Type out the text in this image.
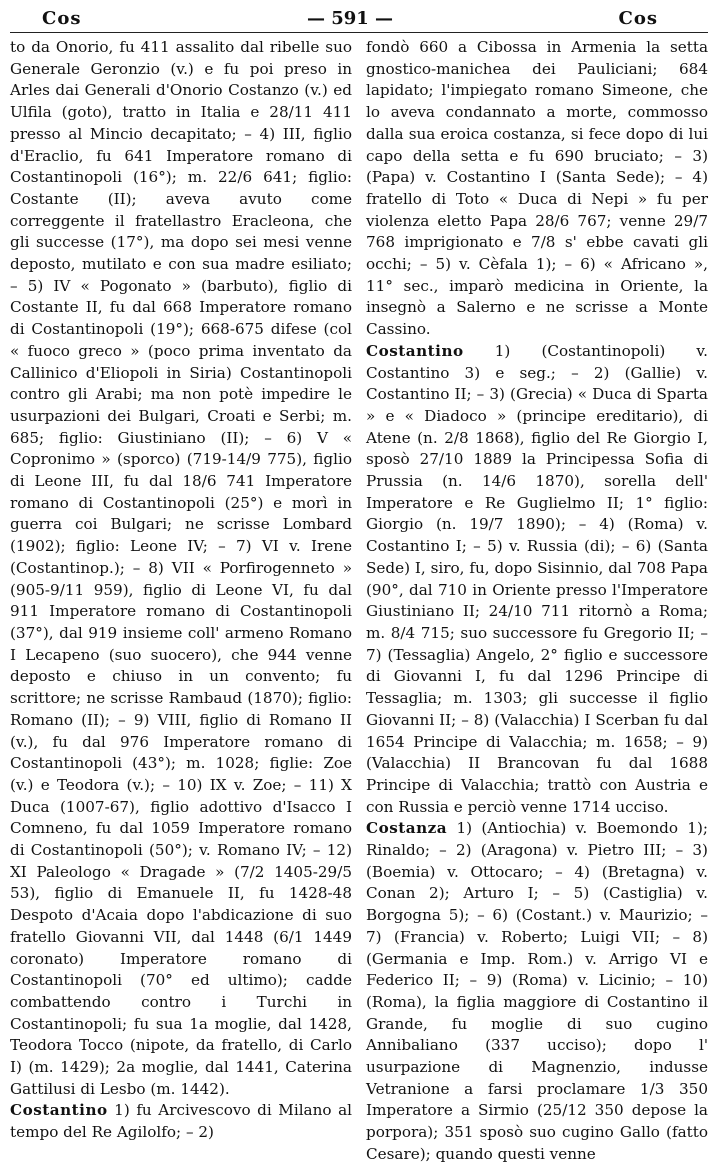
Cos	— 591 —	Cos

to da Onorio, fu 411 assalito dal ribelle suo Generale Geronzio (v.) e fu poi preso in Arles dai Generali d'Onorio Costanzo (v.) ed Ulfila (goto), tratto in Italia e 28/11 411 presso al Mincio decapitato; – 4) III, figlio d'Eraclio, fu 641 Imperatore romano di Costantinopoli (16°); m. 22/6 641; figlio: Costante (II); aveva avuto come correggente il fratellastro Eracleona, che gli successe (17°), ma dopo sei mesi venne deposto, mutilato e con sua madre esiliato; – 5) IV « Pogonato » (barbuto), figlio di Costante II, fu dal 668 Imperatore romano di Costantinopoli (19°); 668-675 difese (col « fuoco greco » (poco prima inventato da Callinico d'Eliopoli in Siria) Costantinopoli contro gli Arabi; ma non potè impedire le usurpazioni dei Bulgari, Croati e Serbi; m. 685; figlio: Giustiniano (II); – 6) V « Copronimo » (sporco) (719-14/9 775), figlio di Leone III, fu dal 18/6 741 Imperatore romano di Costantinopoli (25°) e morì in guerra coi Bulgari; ne scrisse Lombard (1902); figlio: Leone IV; – 7) VI v. Irene (Costantinop.); – 8) VII « Porfirogenneto » (905-9/11 959), figlio di Leone VI, fu dal 911 Imperatore romano di Costantinopoli (37°), dal 919 insieme coll' armeno Romano I Lecapeno (suo suocero), che 944 venne deposto e chiuso in un convento; fu scrittore; ne scrisse Rambaud (1870); figlio: Romano (II); – 9) VIII, figlio di Romano II (v.), fu dal 976 Imperatore romano di Costantinopoli (43°); m. 1028; figlie: Zoe (v.) e Teodora (v.); – 10) IX v. Zoe; – 11) X Duca (1007-67), figlio adottivo d'Isacco I Comneno, fu dal 1059 Imperatore romano di Costantinopoli (50°); v. Romano IV; – 12) XI Paleologo « Dragade » (7/2 1405-29/5 53), figlio di Emanuele II, fu 1428-48 Despoto d'Acaia dopo l'abdicazione di suo fratello Giovanni VII, dal 1448 (6/1 1449 coronato) Imperatore romano di Costantinopoli (70° ed ultimo); cadde combattendo contro i Turchi in Costantinopoli; fu sua 1a moglie, dal 1428, Teodora Tocco (nipote, da fratello, di Carlo I) (m. 1429); 2a moglie, dal 1441, Caterina Gattilusi di Lesbo (m. 1442).

Costantino 1) fu Arcivescovo di Milano al tempo del Re Agilolfo; – 2)

fondò 660 a Cibossa in Armenia la setta gnostico-manichea dei Pauliciani; 684 lapidato; l'impiegato romano Simeone, che lo aveva condannato a morte, commosso dalla sua eroica costanza, si fece dopo di lui capo della setta e fu 690 bruciato; – 3) (Papa) v. Costantino I (Santa Sede); – 4) fratello di Toto « Duca di Nepi » fu per violenza eletto Papa 28/6 767; venne 29/7 768 imprigionato e 7/8 s' ebbe cavati gli occhi; – 5) v. Cèfala 1); – 6) « Africano », 11° sec., imparò medicina in Oriente, la insegnò a Salerno e ne scrisse a Monte Cassino.

Costantino 1) (Costantinopoli) v. Costantino 3) e seg.; – 2) (Gallie) v. Costantino II; – 3) (Grecia) « Duca di Sparta » e « Diadoco » (principe ereditario), di Atene (n. 2/8 1868), figlio del Re Giorgio I, sposò 27/10 1889 la Principessa Sofia di Prussia (n. 14/6 1870), sorella dell' Imperatore e Re Guglielmo II; 1° figlio: Giorgio (n. 19/7 1890); – 4) (Roma) v. Costantino I; – 5) v. Russia (di); – 6) (Santa Sede) I, siro, fu, dopo Sisinnio, dal 708 Papa (90°, dal 710 in Oriente presso l'Imperatore Giustiniano II; 24/10 711 ritornò a Roma; m. 8/4 715; suo successore fu Gregorio II; – 7) (Tessaglia) Angelo, 2° figlio e successore di Giovanni I, fu dal 1296 Principe di Tessaglia; m. 1303; gli successe il figlio Giovanni II; – 8) (Valacchia) I Scerban fu dal 1654 Principe di Valacchia; m. 1658; – 9) (Valacchia) II Brancovan fu dal 1688 Principe di Valacchia; trattò con Austria e con Russia e perciò venne 1714 ucciso.

Costanza 1) (Antiochia) v. Boemondo 1); Rinaldo; – 2) (Aragona) v. Pietro III; – 3) (Boemia) v. Ottocaro; – 4) (Bretagna) v. Conan 2); Arturo I; – 5) (Castiglia) v. Borgogna 5); – 6) (Costant.) v. Maurizio; – 7) (Francia) v. Roberto; Luigi VII; – 8) (Germania e Imp. Rom.) v. Arrigo VI e Federico II; – 9) (Roma) v. Licinio; – 10) (Roma), la figlia maggiore di Costantino il Grande, fu moglie di suo cugino Annibaliano (337 ucciso); dopo l' usurpazione di Magnenzio, indusse Vetranione a farsi proclamare 1/3 350 Imperatore a Sirmio (25/12 350 depose la porpora); 351 sposò suo cugino Gallo (fatto Cesare); quando questi venne
